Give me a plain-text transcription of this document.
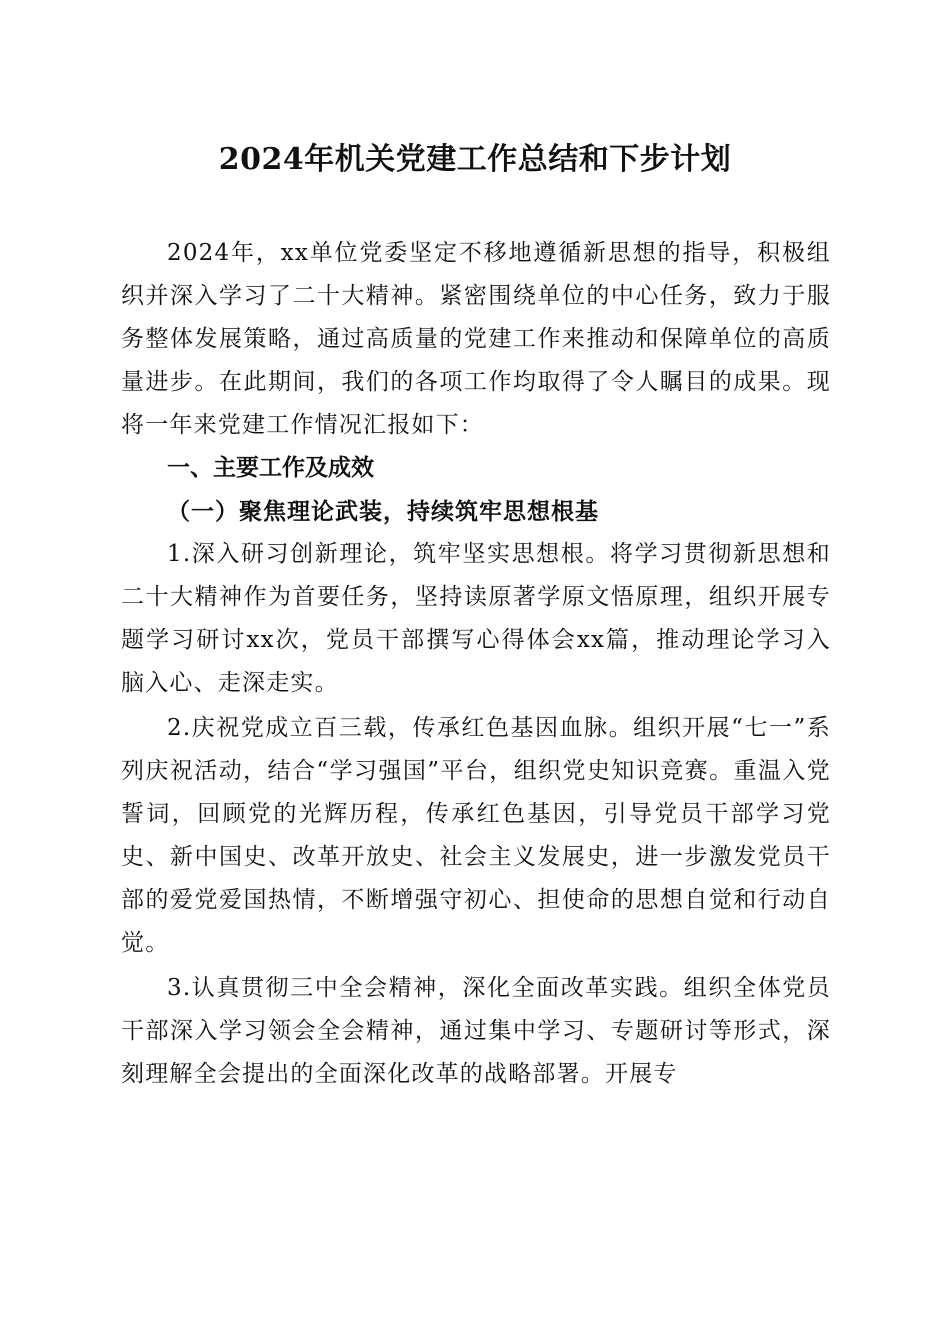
2024年机关党建工作总结和下步计划

2024年，xx单位党委坚定不移地遵循新思想的指导，积极组织并深入学习了二十大精神。紧密围绕单位的中心任务，致力于服务整体发展策略，通过高质量的党建工作来推动和保障单位的高质量进步。在此期间，我们的各项工作均取得了令人瞩目的成果。现将一年来党建工作情况汇报如下：

一、主要工作及成效

（一）聚焦理论武装，持续筑牢思想根基

1.深入研习创新理论，筑牢坚实思想根。将学习贯彻新思想和二十大精神作为首要任务，坚持读原著学原文悟原理，组织开展专题学习研讨xx次，党员干部撰写心得体会xx篇，推动理论学习入脑入心、走深走实。

2.庆祝党成立百三载，传承红色基因血脉。组织开展“七一”系列庆祝活动，结合“学习强国”平台，组织党史知识竞赛。重温入党誓词，回顾党的光辉历程，传承红色基因，引导党员干部学习党史、新中国史、改革开放史、社会主义发展史，进一步激发党员干部的爱党爱国热情，不断增强守初心、担使命的思想自觉和行动自觉。

3.认真贯彻三中全会精神，深化全面改革实践。组织全体党员干部深入学习领会全会精神，通过集中学习、专题研讨等形式，深刻理解全会提出的全面深化改革的战略部署。开展专
